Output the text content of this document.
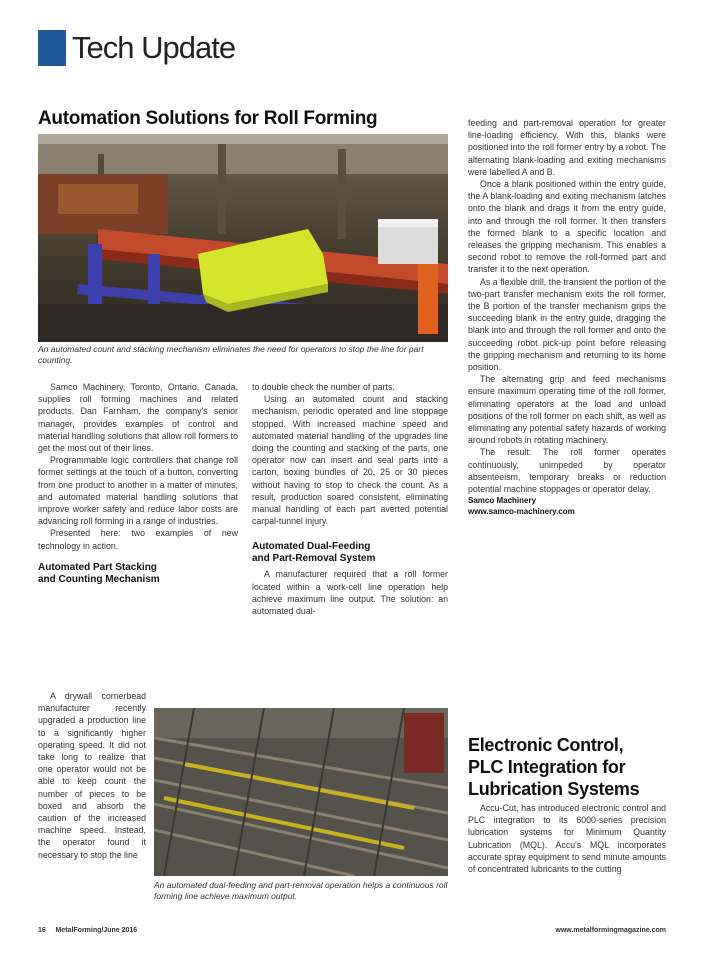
Tech Update
Automation Solutions for Roll Forming
An automated count and stacking mechanism eliminates the need for operators to stop the line for part counting.

Samco Machinery, Toronto, Ontario, Canada, supplies roll forming machines and related products. Dan Farnham, the company's senior manager, provides examples of control and material handling solutions that allow roll formers to get the most out of their lines.

Programmable logic controllers that change roll former settings at the touch of a button, converting from one product to another in a matter of minutes, and automated material handling solutions that improve worker safety and reduce labor costs are advancing roll forming in a range of industries.

Presented here: two examples of new technology in action.

Automated Part Stacking
and Counting Mechanism

A drywall cornerbead manufacturer recently upgraded a production line to a significantly higher operating speed. It did not take long to realize that one operator would not be able to keep count the number of pieces to be boxed and absorb the caution of the increased machine speed. Instead, the operator found it necessary to stop the line

to double check the number of parts.

Using an automated count and stacking mechanism, periodic operated and line stoppage stopped. With increased machine speed and automated material handling of the upgrades line doing the counting and stacking of the parts, one operator now can insert and seal parts into a carton, boxing bundles of 20, 25 or 30 pieces without having to stop to check the count. As a result, production soared consistent, eliminating manual handling of each part averted potential carpal-tunnel injury.

Automated Dual-Feeding
and Part-Removal System

A manufacturer required that a roll former located within a work-cell line operation help achieve maximum line output. The solution: an automated dual-

feeding and part-removal operation for greater line-loading efficiency. With this, blanks were positioned into the roll former entry by a robot. The alternating blank-loading and exiting mechanisms were labelled A and B.

Once a blank positioned within the entry guide, the A blank-loading and exiting mechanism latches onto the blank and drags it from the entry guide, into and through the roll former. It then transfers the formed blank to a specific location and releases the gripping mechanism. This enables a second robot to remove the roll-formed part and transfer it to the next operation.

As a flexible drill, the transient the portion of the two-part transfer mechanism exits the roll former, the B portion of the transfer mechanism grips the succeeding blank in the entry guide, dragging the blank into and through the roll former and onto the succeeding robot pick-up point before releasing the gripping mechanism and returning to its home position.

The alternating grip and feed mechanisms ensure maximum operating time of the roll former, eliminating operators at the load and unload positions of the roll former on each shift, as well as eliminating any potential safety hazards of working around robots in rotating machinery.

The result: The roll former operates continuously, unimpeded by operator absenteeism, temporary breaks or reduction potential machine stoppages or operator delay.

Samco Machinery
www.samco-machinery.com
An automated dual-feeding and part-removal operation helps a continuous roll forming line achieve maximum output.
Electronic Control,
PLC Integration for
Lubrication Systems

Accu-Cut, has introduced electronic control and PLC integration to its 6000-series precision lubrication systems for Minimum Quantity Lubrication (MQL). Accu's MQL incorporates accurate spray equipment to send minute amounts of concentrated lubricants to the cutting

16     MetalForming/June 2016	www.metalformingmagazine.com
